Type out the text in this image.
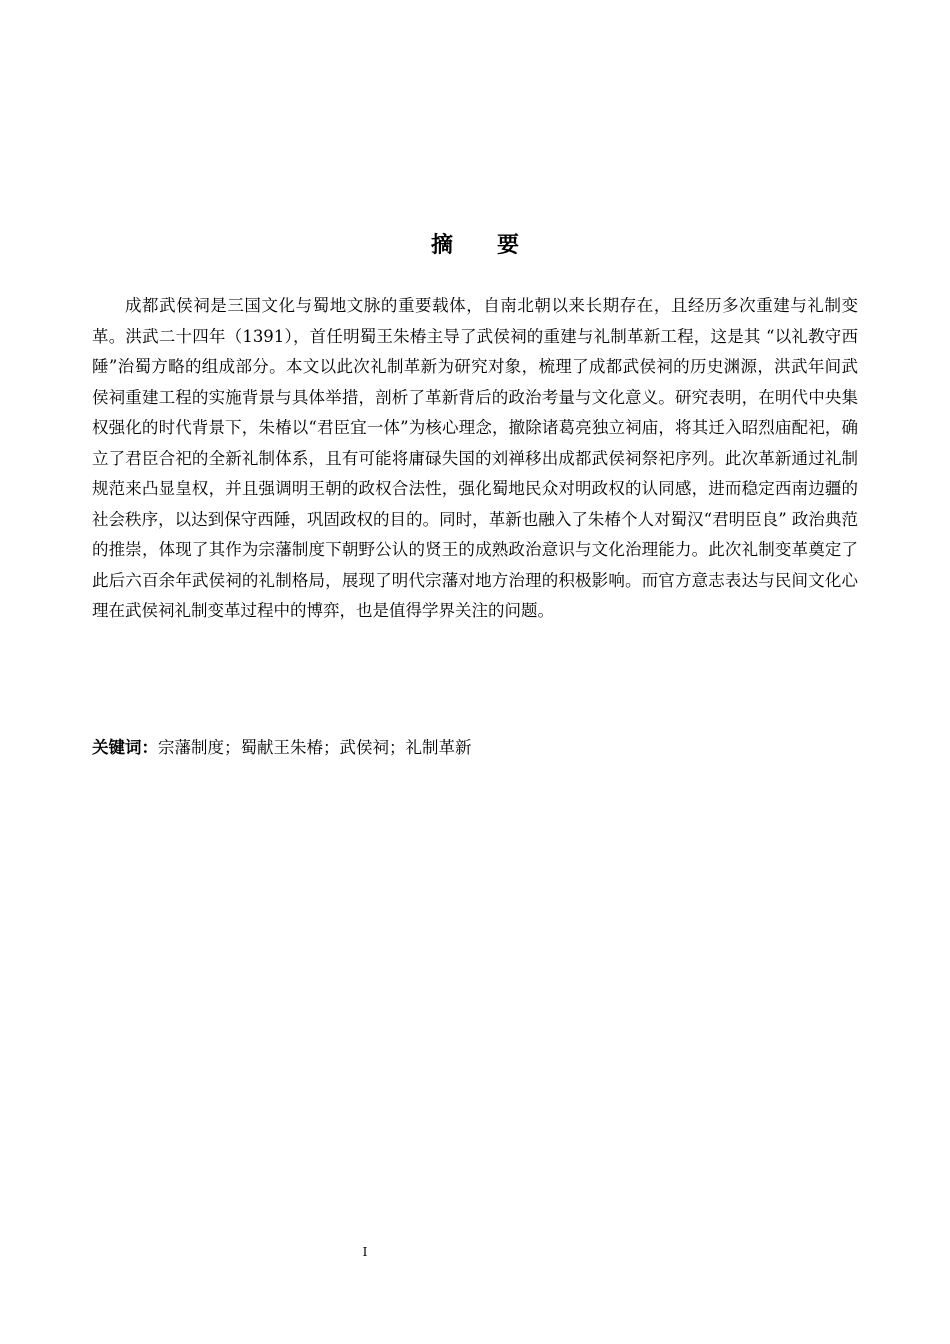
摘要

成都武侯祠是三国文化与蜀地文脉的重要载体，自南北朝以来长期存在，且经历多次重建与礼制变革。洪武二十四年（1391），首任明蜀王朱椿主导了武侯祠的重建与礼制革新工程，这是其 “以礼教守西陲”治蜀方略的组成部分。本文以此次礼制革新为研究对象，梳理了成都武侯祠的历史渊源，洪武年间武侯祠重建工程的实施背景与具体举措，剖析了革新背后的政治考量与文化意义。研究表明，在明代中央集权强化的时代背景下，朱椿以“君臣宜一体”为核心理念，撤除诸葛亮独立祠庙，将其迁入昭烈庙配祀，确立了君臣合祀的全新礼制体系，且有可能将庸碌失国的刘禅移出成都武侯祠祭祀序列。此次革新通过礼制规范来凸显皇权，并且强调明王朝的政权合法性，强化蜀地民众对明政权的认同感，进而稳定西南边疆的社会秩序，以达到保守西陲，巩固政权的目的。同时，革新也融入了朱椿个人对蜀汉“君明臣良” 政治典范的推崇，体现了其作为宗藩制度下朝野公认的贤王的成熟政治意识与文化治理能力。此次礼制变革奠定了此后六百余年武侯祠的礼制格局，展现了明代宗藩对地方治理的积极影响。而官方意志表达与民间文化心理在武侯祠礼制变革过程中的博弈，也是值得学界关注的问题。

关键词：宗藩制度；蜀献王朱椿；武侯祠；礼制革新

I
